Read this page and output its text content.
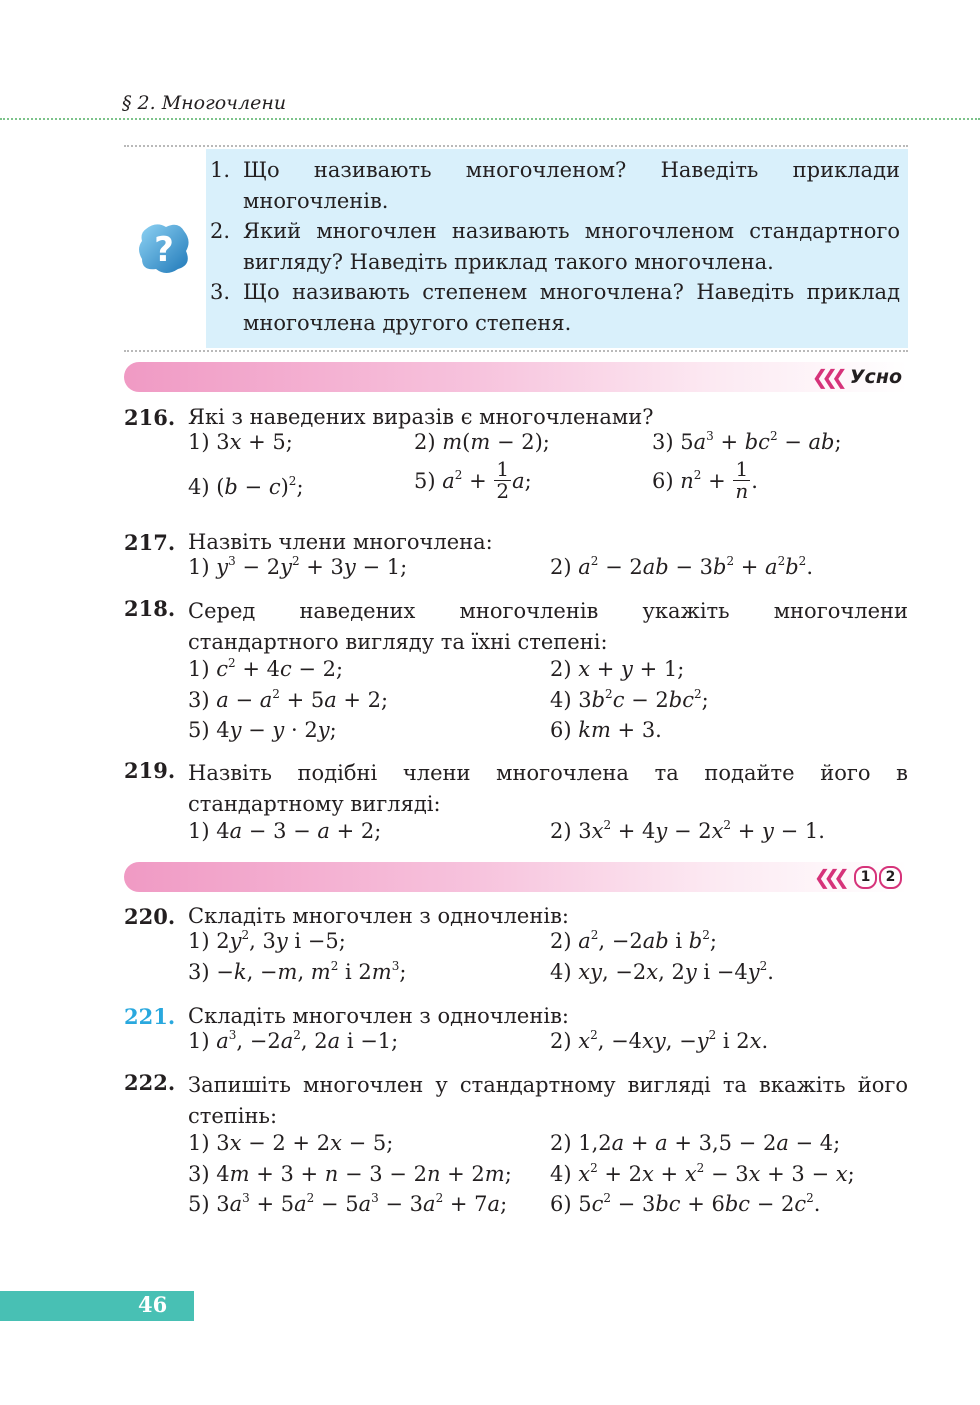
§ 2. Многочлени
?
1. Що називають многочленом? Наведіть приклади многочленів.
2. Який многочлен називають многочленом стандартного вигляду? Наведіть приклад такого многочлена.
3. Що називають степенем многочлена? Наведіть приклад многочлена другого степеня.
❮❮❮ Усно
216. Які з наведених виразів є многочленами?
1) 3x + 5;	2) m(m − 2);	3) $5a^3 + bc^2$ − ab;
4) $(b - c)^2$;	5) $a^2 + \frac{1}{2} a$;	6) $n^2 + \frac{1}{n}$ .
217. Назвіть члени многочлена:
1) $y^3 - 2y^2 + 3y - 1$;	2) $a^2 - 2ab - 3b^2 + a^2b^2$.
218. Серед наведених многочленів укажіть многочлени стандартного вигляду та їхні степені:
1) $c^2 + 4c - 2$;	2) x + y + 1;
3) $a - a^2 + 5a + 2$;	4) $3b^2c - 2bc^2$;
5) 4y − y · 2y;	6) km + 3.
219. Назвіть подібні члени многочлена та подайте його в стандартному вигляді:
1) 4a − 3 − a + 2;	2) $3x^2 + 4y - 2x^2 + y - 1$.
❮❮❮	1	2
220. Складіть многочлен з одночленів:
1) $2y^2$, 3y і −5;	2) $a^2$, −2ab і $b^2$;
3) −k, −m, $m^2$ і $2m^3$;	4) xy, −2x, 2y $і -4y^2$.
221. Складіть многочлен з одночленів:
1) $a^3$, $-2a^2$, 2a і −1;	2) $x^2$, −4xy, $-y^2$ і 2x.
222. Запишіть многочлен у стандартному вигляді та вкажіть його степінь:
1) 3x − 2 + 2x − 5;	2) 1,2a + a + 3,5 − 2a − 4;
3) 4m + 3 + n − 3 − 2n + 2m; 4) $x^2 + 2x + x^2 - 3x + 3 - x$;
5) $3a^3 + 5a^2 - 5a^3 - 3a^2 + 7a$; 6) $5c^2 - 3bc + 6bc - 2c^2$.
46
